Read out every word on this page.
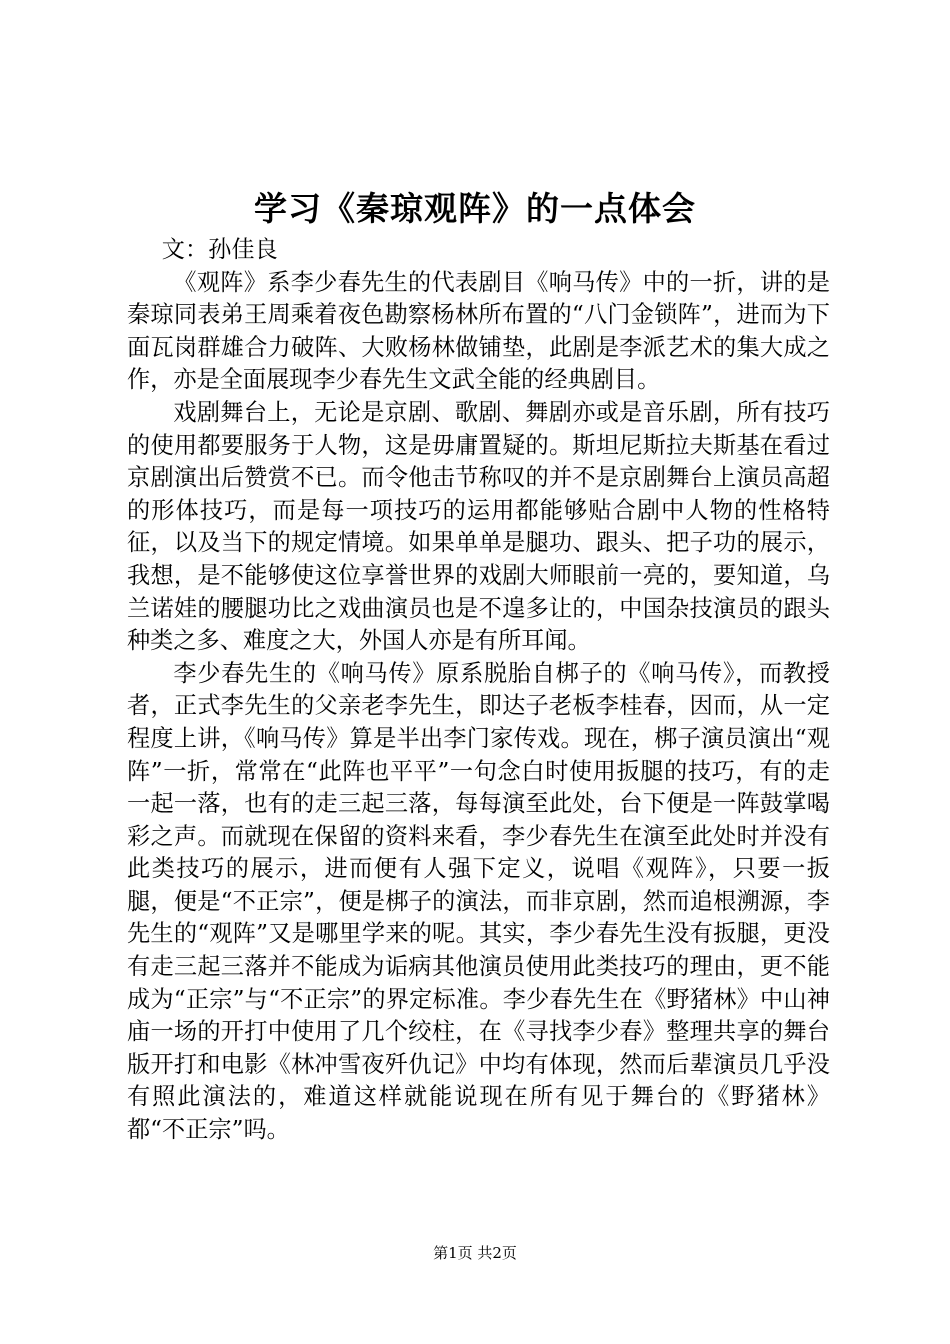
学习《秦琼观阵》的一点体会
文：孙佳良

《观阵》系李少春先生的代表剧目《响马传》中的一折，讲的是秦琼同表弟王周乘着夜色勘察杨林所布置的“八门金锁阵”，进而为下面瓦岗群雄合力破阵、大败杨林做铺垫，此剧是李派艺术的集大成之作，亦是全面展现李少春先生文武全能的经典剧目。

戏剧舞台上，无论是京剧、歌剧、舞剧亦或是音乐剧，所有技巧的使用都要服务于人物，这是毋庸置疑的。斯坦尼斯拉夫斯基在看过京剧演出后赞赏不已。而令他击节称叹的并不是京剧舞台上演员高超的形体技巧，而是每一项技巧的运用都能够贴合剧中人物的性格特征，以及当下的规定情境。如果单单是腿功、跟头、把子功的展示，我想，是不能够使这位享誉世界的戏剧大师眼前一亮的，要知道，乌兰诺娃的腰腿功比之戏曲演员也是不遑多让的，中国杂技演员的跟头种类之多、难度之大，外国人亦是有所耳闻。

李少春先生的《响马传》原系脱胎自梆子的《响马传》，而教授者，正式李先生的父亲老李先生，即达子老板李桂春，因而，从一定程度上讲，《响马传》算是半出李门家传戏。现在，梆子演员演出“观阵”一折，常常在“此阵也平平”一句念白时使用扳腿的技巧，有的走一起一落，也有的走三起三落，每每演至此处，台下便是一阵鼓掌喝彩之声。而就现在保留的资料来看，李少春先生在演至此处时并没有此类技巧的展示，进而便有人强下定义，说唱《观阵》，只要一扳腿，便是“不正宗”，便是梆子的演法，而非京剧，然而追根溯源，李先生的“观阵”又是哪里学来的呢。其实，李少春先生没有扳腿，更没有走三起三落并不能成为诟病其他演员使用此类技巧的理由，更不能成为“正宗”与“不正宗”的界定标准。李少春先生在《野猪林》中山神庙一场的开打中使用了几个绞柱，在《寻找李少春》整理共享的舞台版开打和电影《林冲雪夜歼仇记》中均有体现，然而后辈演员几乎没有照此演法的，难道这样就能说现在所有见于舞台的《野猪林》都“不正宗”吗。

第1页 共2页
